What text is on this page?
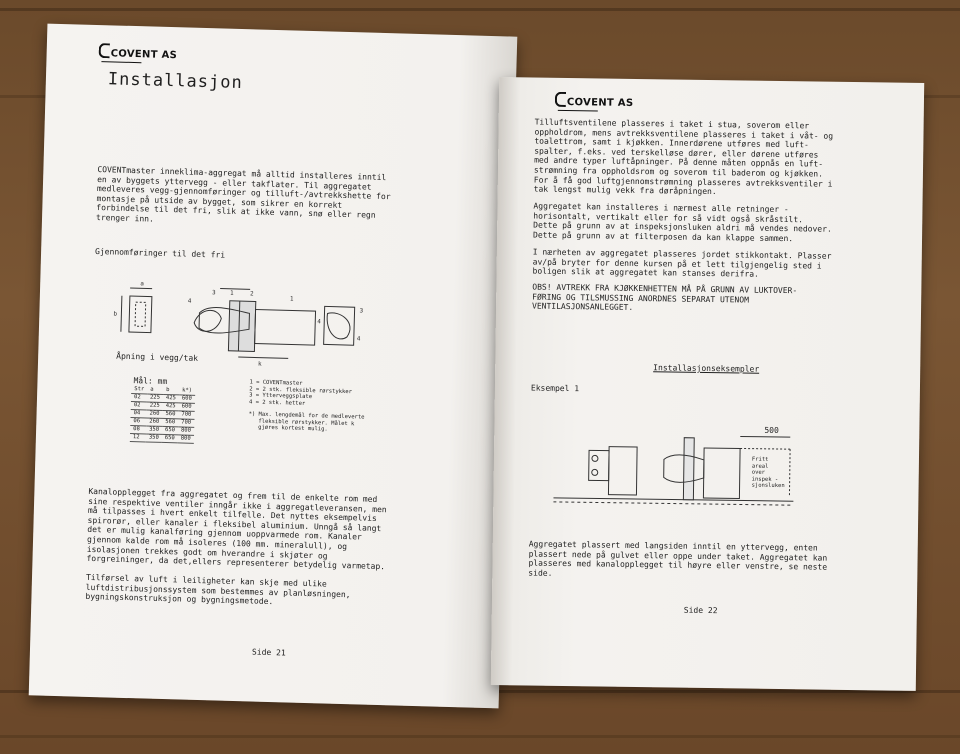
COVENT AS
Installasjon
COVENTmaster inneklima-aggregat må alltid installeres inntil
en av byggets yttervegg - eller takflater. Til aggregatet
medleveres vegg-gjennomføringer og tilluft-/avtrekkshette for
montasje på utside av bygget, som sikrer en korrekt
forbindelse til det fri, slik at ikke vann, snø eller regn
trenger inn.
Gjennomføringer til det fri
a
b
4
3 1	2
1
k
4
3
4
Åpning i vegg/tak
Mål: mm
Str	a	b	k*)
02	225	425	600
02	225	425	600
04	260	560	700
06	260	560	700
08	350	650	800
12	350	650	800
1 = COVENTmaster
2 = 2 stk. fleksible rørstykker
3 = Ytterveggsplate
4 = 2 stk. hetter
*) Max. lengdemål for de medleverte
fleksible rørstykker. Målet k
gjøres kortest mulig.
Kanalopplegget fra aggregatet og frem til de enkelte rom med
sine respektive ventiler inngår ikke i aggregatleveransen, men
må tilpasses i hvert enkelt tilfelle. Det nyttes eksempelvis
spirorør, eller kanaler i fleksibel aluminium. Unngå så langt
det er mulig kanalføring gjennom uoppvarmede rom. Kanaler
gjennom kalde rom må isoleres (100 mm. mineralull), og
isolasjonen trekkes godt om hverandre i skjøter og
forgreininger, da det,ellers representerer betydelig varmetap.
Tilførsel av luft i leiligheter kan skje med ulike
luftdistribusjonssystem som bestemmes av planløsningen,
bygningskonstruksjon og bygningsmetode.
Side 21
COVENT AS
Tilluftsventilene plasseres i taket i stua, soverom eller
oppholdrom, mens avtrekksventilene plasseres i taket i våt- og
toalettrom, samt i kjøkken. Innerdørene utføres med luft-
spalter, f.eks. ved terskelløse dører, eller dørene utføres
med andre typer luftåpninger. På denne måten oppnås en luft-
strømning fra oppholdsrom og soverom til baderom og kjøkken.
For å få god luftgjennomstrømning plasseres avtrekksventiler i
tak lengst mulig vekk fra døråpningen.
Aggregatet kan installeres i nærmest alle retninger -
horisontalt, vertikalt eller for så vidt også skråstilt.
Dette på grunn av at inspeksjonsluken aldri må vendes nedover.
Dette på grunn av at filterposen da kan klappe sammen.
I nærheten av aggregatet plasseres jordet stikkontakt. Plasser
av/på bryter for denne kursen på et lett tilgjengelig sted i
boligen slik at aggregatet kan stanses derifra.
OBS! AVTREKK FRA KJØKKENHETTEN MÅ PÅ GRUNN AV LUKTOVER-
FØRING OG TILSMUSSING ANORDNES SEPARAT UTENOM
VENTILASJONSANLEGGET.
Installasjonseksempler
Eksempel 1
500
Fritt
areal
over
inspek -
sjonsluken
Aggregatet plassert med langsiden inntil en yttervegg, enten
plassert nede på gulvet eller oppe under taket. Aggregatet kan
plasseres med kanalopplegget til høyre eller venstre, se neste
side.
Side 22
